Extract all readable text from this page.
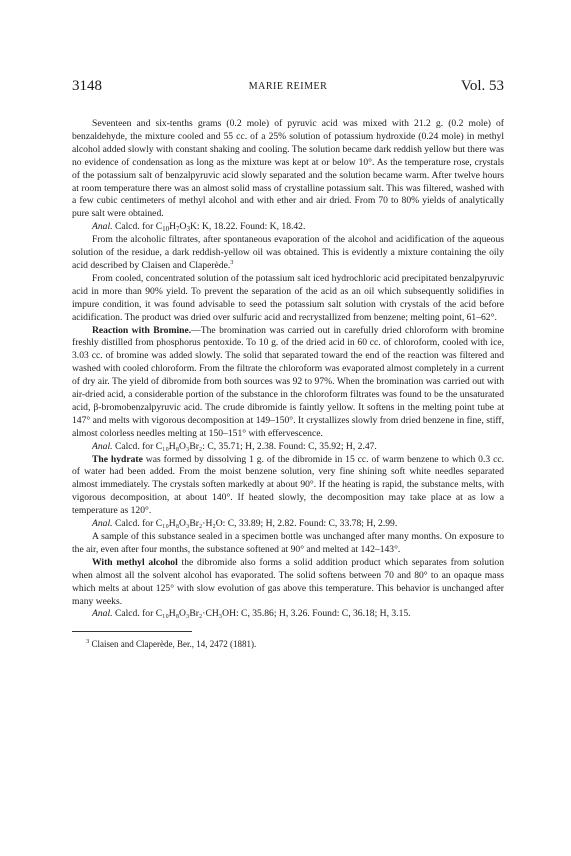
3148	MARIE REIMER	Vol. 53

Seventeen and six-tenths grams (0.2 mole) of pyruvic acid was mixed with 21.2 g. (0.2 mole) of benzaldehyde, the mixture cooled and 55 cc. of a 25% solution of potassium hydroxide (0.24 mole) in methyl alcohol added slowly with constant shaking and cooling. The solution became dark reddish yellow but there was no evidence of condensation as long as the mixture was kept at or below 10°. As the temperature rose, crystals of the potassium salt of benzalpyruvic acid slowly separated and the solution became warm. After twelve hours at room temperature there was an almost solid mass of crystalline potassium salt. This was filtered, washed with a few cubic centimeters of methyl alcohol and with ether and air dried. From 70 to 80% yields of analytically pure salt were obtained.

Anal. Calcd. for $C_{10}H_7O_3K$: K, 18.22. Found: K, 18.42.

From the alcoholic filtrates, after spontaneous evaporation of the alcohol and acidification of the aqueous solution of the residue, a dark reddish-yellow oil was obtained. This is evidently a mixture containing the oily acid described by Claisen and Claperède.$^3$

From cooled, concentrated solution of the potassium salt iced hydrochloric acid precipitated benzalpyruvic acid in more than 90% yield. To prevent the separation of the acid as an oil which subsequently solidifies in impure condition, it was found advisable to seed the potassium salt solution with crystals of the acid before acidification. The product was dried over sulfuric acid and recrystallized from benzene; melting point, 61–62°.

Reaction with Bromine.—The bromination was carried out in carefully dried chloroform with bromine freshly distilled from phosphorus pentoxide. To 10 g. of the dried acid in 60 cc. of chloroform, cooled with ice, 3.03 cc. of bromine was added slowly. The solid that separated toward the end of the reaction was filtered and washed with cooled chloroform. From the filtrate the chloroform was evaporated almost completely in a current of dry air. The yield of dibromide from both sources was 92 to 97%. When the bromination was carried out with air-dried acid, a considerable portion of the substance in the chloroform filtrates was found to be the unsaturated acid, β-bromobenzalpyruvic acid. The crude dibromide is faintly yellow. It softens in the melting point tube at 147° and melts with vigorous decomposition at 149–150°. It crystallizes slowly from dried benzene in fine, stiff, almost colorless needles melting at 150–151° with effervescence.

Anal. Calcd. for C₁₀H₈O₃Br₂: C, 35.71; H, 2.38. Found: C, 35.92; H, 2.47.

The hydrate was formed by dissolving 1 g. of the dibromide in 15 cc. of warm benzene to which 0.3 cc. of water had been added. From the moist benzene solution, very fine shining soft white needles separated almost immediately. The crystals soften markedly at about 90°. If the heating is rapid, the substance melts, with vigorous decomposition, at about 140°. If heated slowly, the decomposition may take place at as low a temperature as 120°.

Anal. Calcd. for C₁₀H₈O₃Br₂·H₂O: C, 33.89; H, 2.82. Found: C, 33.78; H, 2.99.

A sample of this substance sealed in a specimen bottle was unchanged after many months. On exposure to the air, even after four months, the substance softened at 90° and melted at 142–143°.

With methyl alcohol the dibromide also forms a solid addition product which separates from solution when almost all the solvent alcohol has evaporated. The solid softens between 70 and 80° to an opaque mass which melts at about 125° with slow evolution of gas above this temperature. This behavior is unchanged after many weeks.

Anal. Calcd. for C₁₀H₈O₃Br₂·CH₃OH: C, 35.86; H, 3.26. Found: C, 36.18; H, 3.15.

$^3$ Claisen and Claperède, Ber., 14, 2472 (1881).
